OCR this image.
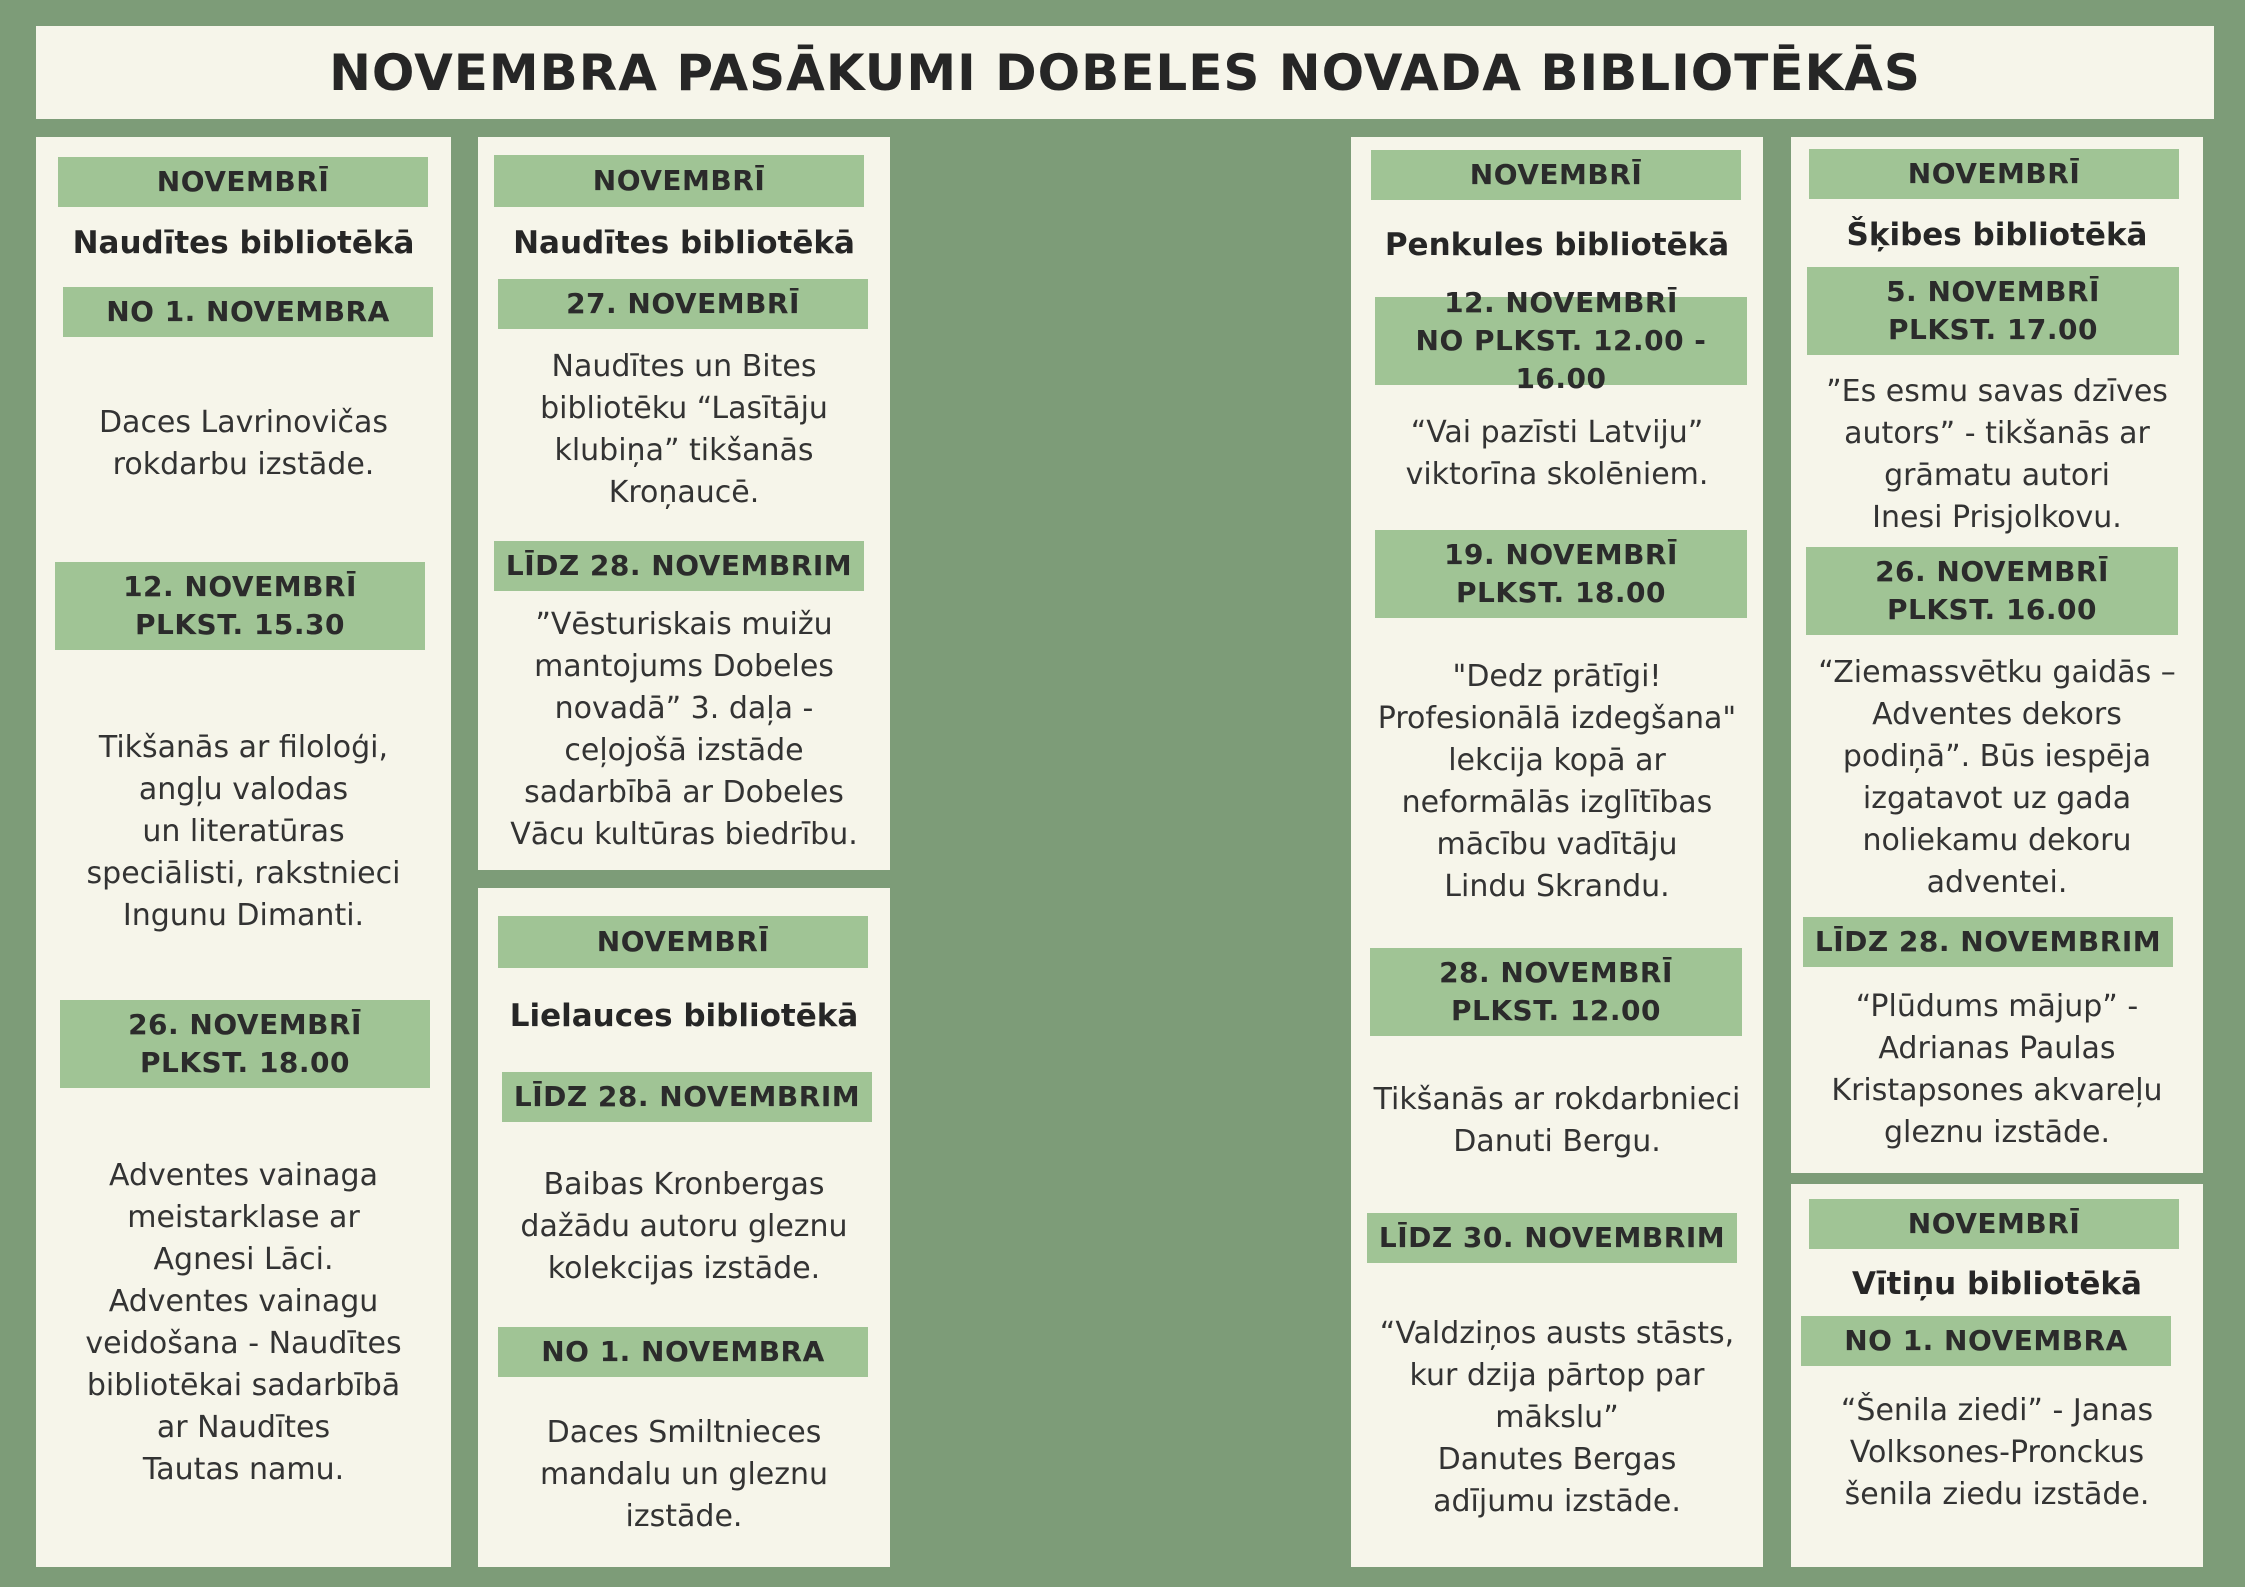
NOVEMBRA PASĀKUMI DOBELES NOVADA BIBLIOTĒKĀS
NOVEMBRĪ
Naudītes bibliotēkā
NO 1. NOVEMBRA
Daces Lavrinovičas
rokdarbu izstāde.
12. NOVEMBRĪ
PLKST. 15.30
Tikšanās ar filoloģi,
angļu valodas
un literatūras
speciālisti, rakstnieci
Ingunu Dimanti.
26. NOVEMBRĪ
PLKST. 18.00
Adventes vainaga
meistarklase ar
Agnesi Lāci.
Adventes vainagu
veidošana - Naudītes
bibliotēkai sadarbībā
ar Naudītes
Tautas namu.
NOVEMBRĪ
Naudītes bibliotēkā
27. NOVEMBRĪ
Naudītes un Bites
bibliotēku “Lasītāju
klubiņa” tikšanās
Kroņaucē.
LĪDZ 28. NOVEMBRIM
”Vēsturiskais muižu
mantojums Dobeles
novadā” 3. daļa -
ceļojošā izstāde
sadarbībā ar Dobeles
Vācu kultūras biedrību.
NOVEMBRĪ
Lielauces bibliotēkā
LĪDZ 28. NOVEMBRIM
Baibas Kronbergas
dažādu autoru gleznu
kolekcijas izstāde.
NO 1. NOVEMBRA
Daces Smiltnieces
mandalu un gleznu
izstāde.
NOVEMBRĪ
Penkules bibliotēkā
12. NOVEMBRĪ
NO PLKST. 12.00 - 16.00
“Vai pazīsti Latviju”
viktorīna skolēniem.
19. NOVEMBRĪ
PLKST. 18.00
"Dedz prātīgi!
Profesionālā izdegšana"
lekcija kopā ar
neformālās izglītības
mācību vadītāju
Lindu Skrandu.
28. NOVEMBRĪ
PLKST. 12.00
Tikšanās ar rokdarbnieci
Danuti Bergu.
LĪDZ 30. NOVEMBRIM
“Valdziņos austs stāsts,
kur dzija pārtop par
mākslu”
Danutes Bergas
adījumu izstāde.
NOVEMBRĪ
Šķibes bibliotēkā
5. NOVEMBRĪ
PLKST. 17.00
”Es esmu savas dzīves
autors” - tikšanās ar
grāmatu autori
Inesi Prisjolkovu.
26. NOVEMBRĪ
PLKST. 16.00
“Ziemassvētku gaidās –
Adventes dekors
podiņā”. Būs iespēja
izgatavot uz gada
noliekamu dekoru
adventei.
LĪDZ 28. NOVEMBRIM
“Plūdums mājup” -
Adrianas Paulas
Kristapsones akvareļu
gleznu izstāde.
NOVEMBRĪ
Vītiņu bibliotēkā
NO 1. NOVEMBRA
“Šenila ziedi” - Janas
Volksones-Pronckus
šenila ziedu izstāde.
